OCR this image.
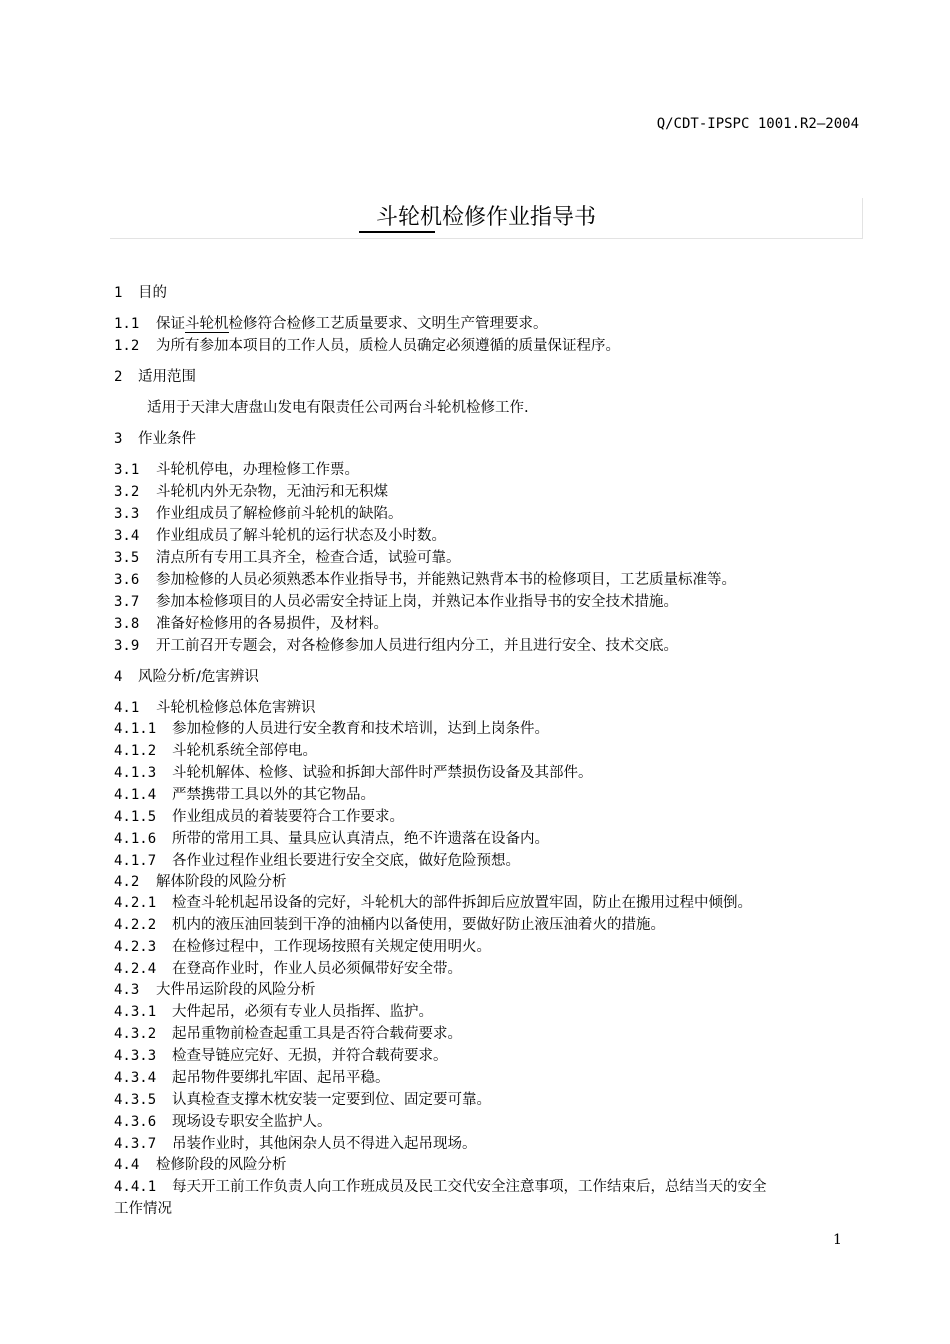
Q/CDT-IPSPC 1001.R2—2004
斗轮机检修作业指导书
1 目的
1.1 保证斗轮机检修符合检修工艺质量要求、文明生产管理要求。
1.2 为所有参加本项目的工作人员，质检人员确定必须遵循的质量保证程序。
2 适用范围
适用于天津大唐盘山发电有限责任公司两台斗轮机检修工作.
3 作业条件
3.1 斗轮机停电，办理检修工作票。
3.2 斗轮机内外无杂物，无油污和无积煤
3.3 作业组成员了解检修前斗轮机的缺陷。
3.4 作业组成员了解斗轮机的运行状态及小时数。
3.5 清点所有专用工具齐全，检查合适，试验可靠。
3.6 参加检修的人员必须熟悉本作业指导书，并能熟记熟背本书的检修项目，工艺质量标准等。
3.7 参加本检修项目的人员必需安全持证上岗，并熟记本作业指导书的安全技术措施。
3.8 准备好检修用的各易损件，及材料。
3.9 开工前召开专题会，对各检修参加人员进行组内分工，并且进行安全、技术交底。
4 风险分析/危害辨识
4.1 斗轮机检修总体危害辨识
4.1.1 参加检修的人员进行安全教育和技术培训，达到上岗条件。
4.1.2 斗轮机系统全部停电。
4.1.3 斗轮机解体、检修、试验和拆卸大部件时严禁损伤设备及其部件。
4.1.4 严禁携带工具以外的其它物品。
4.1.5 作业组成员的着装要符合工作要求。
4.1.6 所带的常用工具、量具应认真清点，绝不许遗落在设备内。
4.1.7 各作业过程作业组长要进行安全交底，做好危险预想。
4.2 解体阶段的风险分析
4.2.1 检查斗轮机起吊设备的完好，斗轮机大的部件拆卸后应放置牢固，防止在搬用过程中倾倒。
4.2.2 机内的液压油回装到干净的油桶内以备使用，要做好防止液压油着火的措施。
4.2.3 在检修过程中，工作现场按照有关规定使用明火。
4.2.4 在登高作业时，作业人员必须佩带好安全带。
4.3 大件吊运阶段的风险分析
4.3.1 大件起吊，必须有专业人员指挥、监护。
4.3.2 起吊重物前检查起重工具是否符合载荷要求。
4.3.3 检查导链应完好、无损，并符合载荷要求。
4.3.4 起吊物件要绑扎牢固、起吊平稳。
4.3.5 认真检查支撑木枕安装一定要到位、固定要可靠。
4.3.6 现场设专职安全监护人。
4.3.7 吊装作业时，其他闲杂人员不得进入起吊现场。
4.4 检修阶段的风险分析
4.4.1 每天开工前工作负责人向工作班成员及民工交代安全注意事项，工作结束后，总结当天的安全
工作情况
1
